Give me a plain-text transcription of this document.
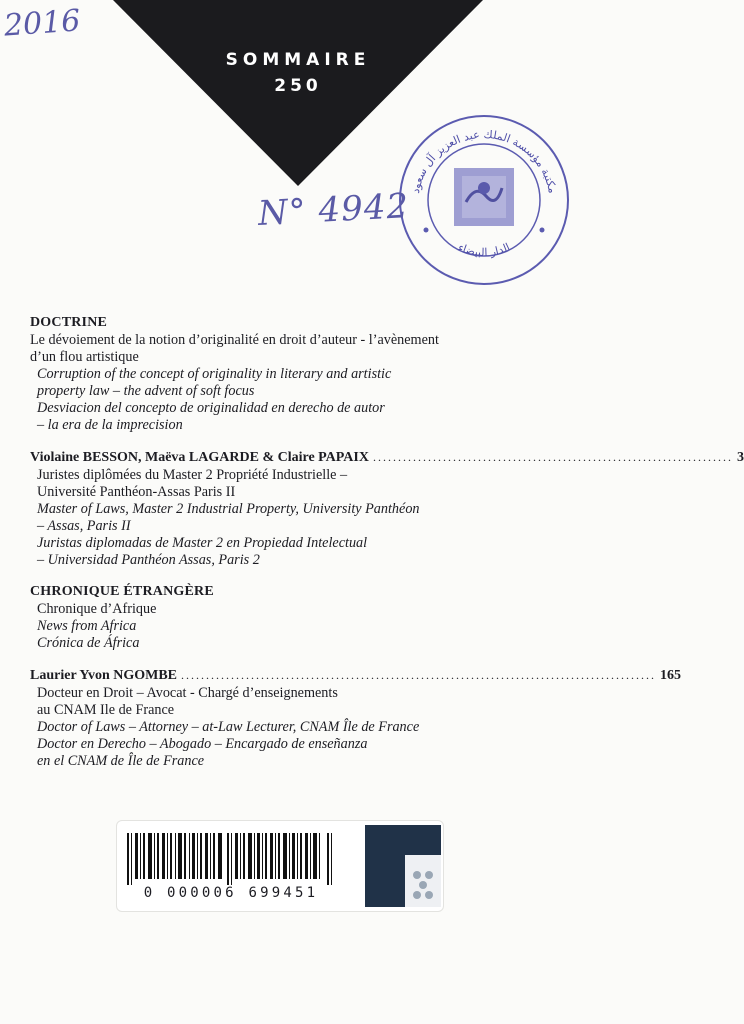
2016
SOMMAIRE
250
مكتبة مؤسسة الملك عبد العزيز آل سعود
الدار البيضاء
N° 4942
DOCTRINE
Le dévoiement de la notion d’originalité en droit d’auteur - l’avènement
d’un flou artistique
Corruption of the concept of originality in literary and artistic
property law – the advent of soft focus
Desviacion del concepto de originalidad en derecho de autor
– la era de la imprecision
Violaine BESSON, Maëva LAGARDE & Claire PAPAIX ........................................................................ 3
Juristes diplômées du Master 2 Propriété Industrielle –
Université Panthéon-Assas Paris II
Master of Laws, Master 2 Industrial Property, University Panthéon
– Assas, Paris II
Juristas diplomadas de Master 2 en Propiedad Intelectual
– Universidad Panthéon Assas, Paris 2
CHRONIQUE ÉTRANGÈRE
Chronique d’Afrique
News from Africa
Crónica de África
Laurier Yvon NGOMBE ............................................................................................... 165
Docteur en Droit – Avocat - Chargé d’enseignements
au CNAM Ile de France
Doctor of Laws – Attorney – at-Law Lecturer, CNAM Île de France
Doctor en Derecho – Abogado – Encargado de enseñanza
en el CNAM de Île de France
0 000006 699451
